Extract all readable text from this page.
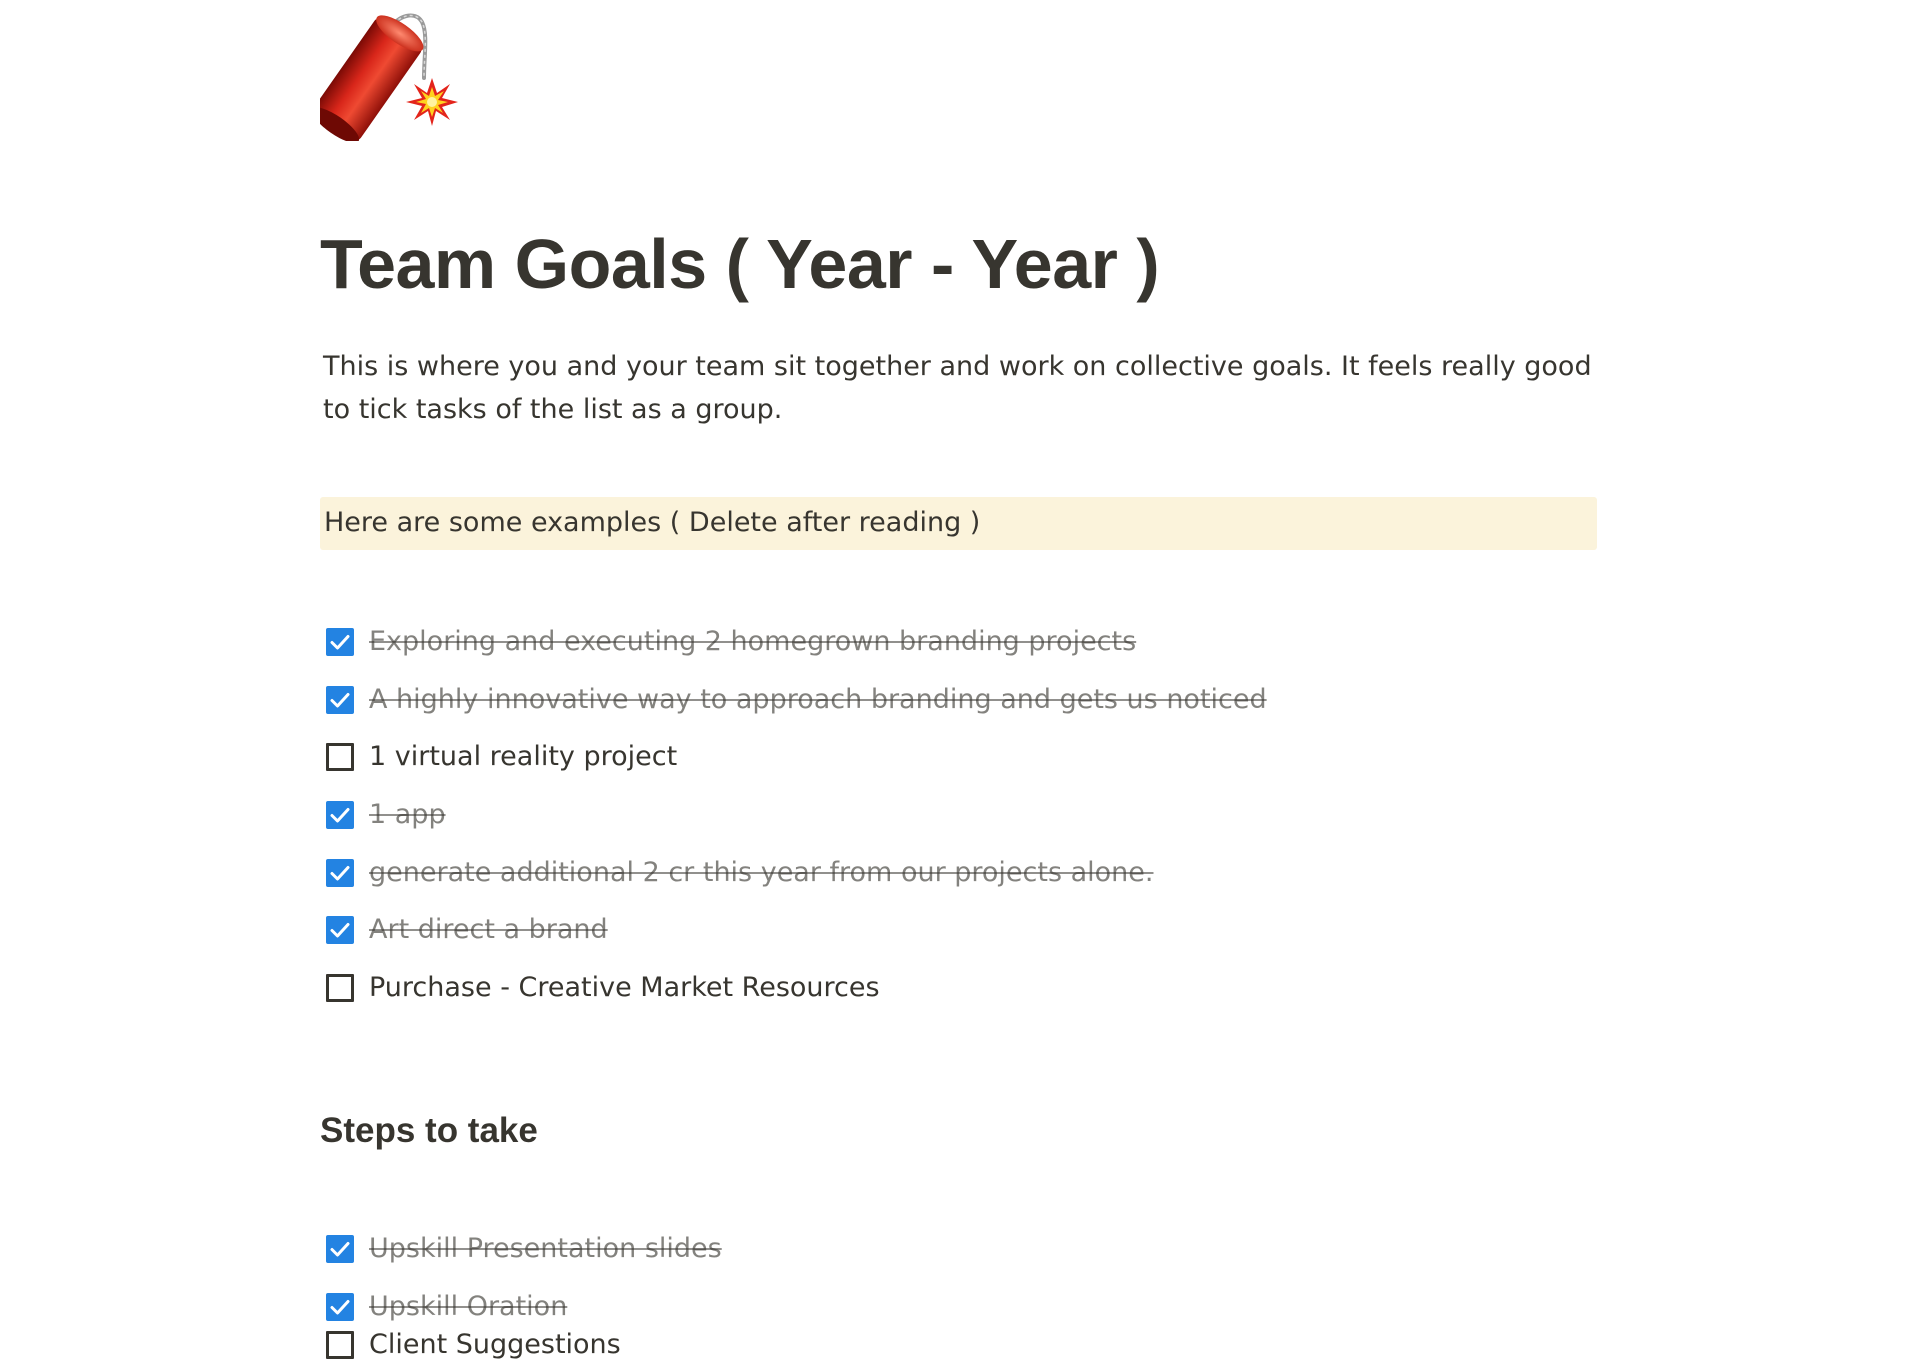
Team Goals ( Year - Year )

This is where you and your team sit together and work on collective goals. It feels really good to tick tasks of the list as a group.

Here are some examples ( Delete after reading )
Exploring and executing 2 homegrown branding projects
A highly innovative way to approach branding and gets us noticed
1 virtual reality project
1 app
generate additional 2 cr this year from our projects alone.
Art direct a brand
Purchase - Creative Market Resources
Steps to take
Upskill Presentation slides
Upskill Oration
Client Suggestions
